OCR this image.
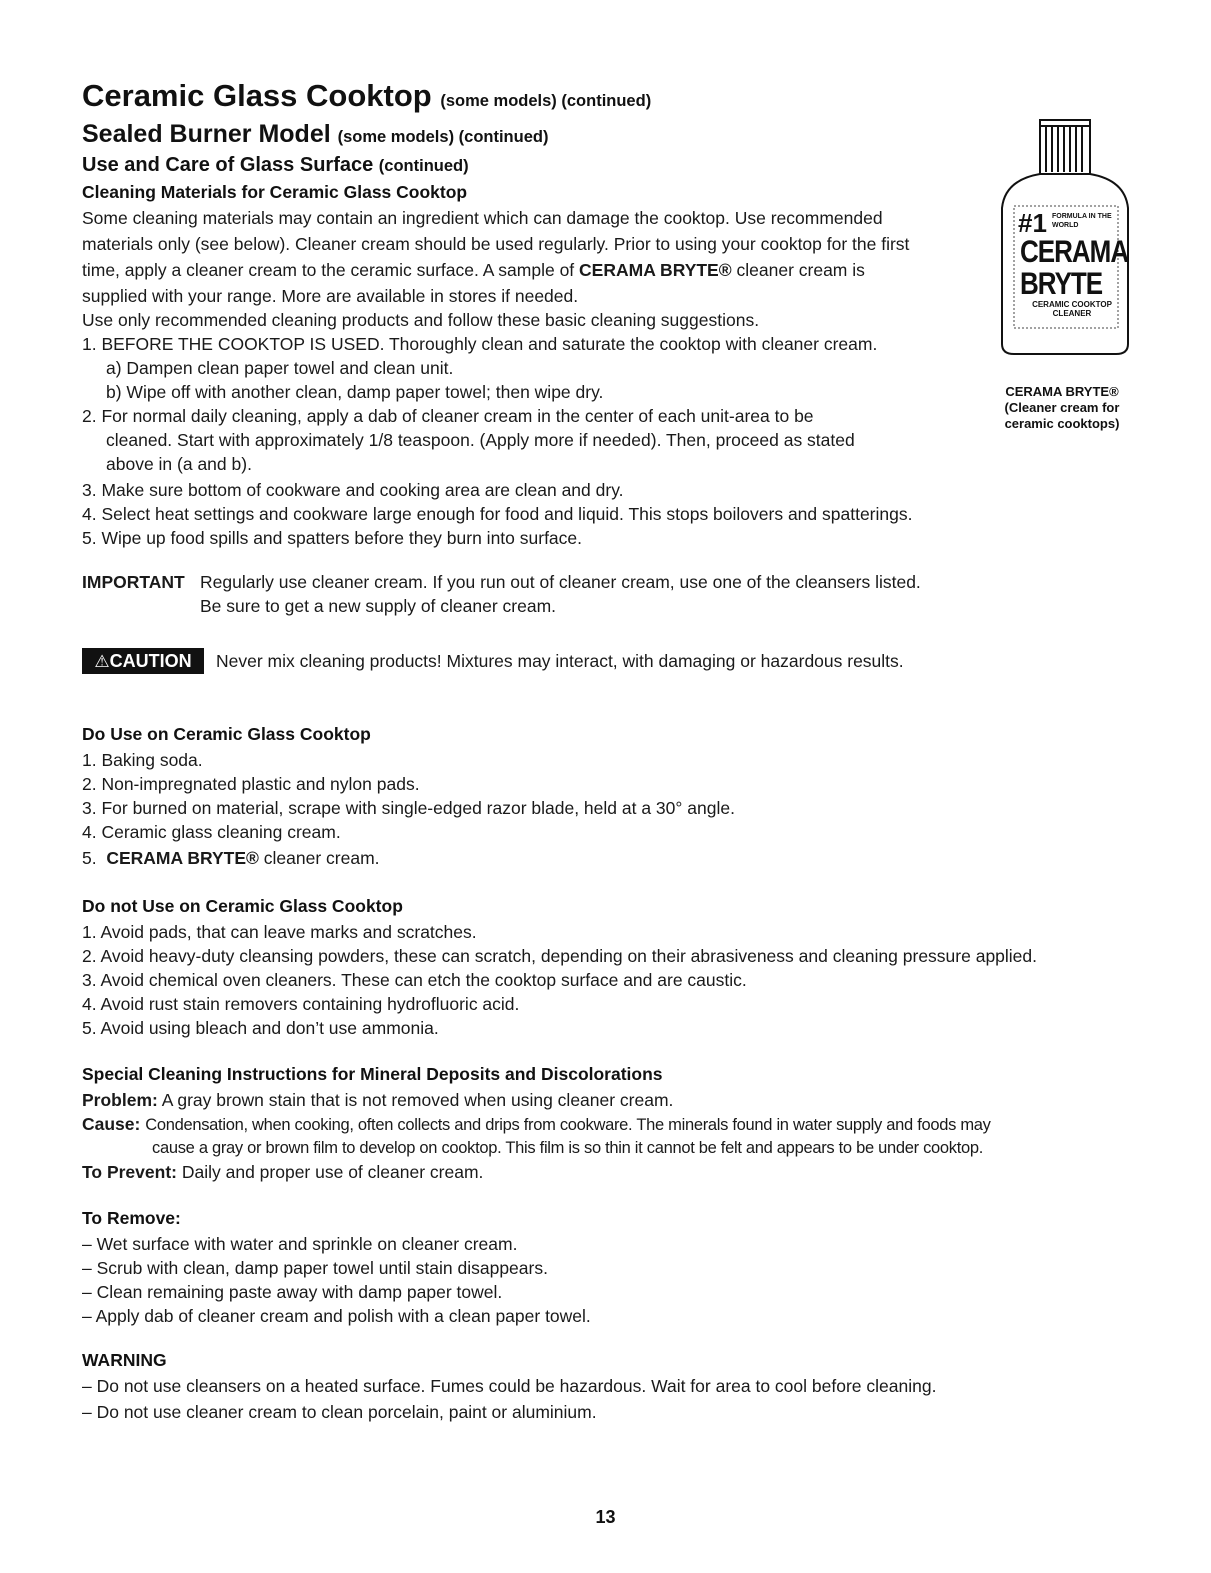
Ceramic Glass Cooktop (some models) (continued)
Sealed Burner Model (some models) (continued)
Use and Care of Glass Surface (continued)
Cleaning Materials for Ceramic Glass Cooktop
Some cleaning materials may contain an ingredient which can damage the cooktop. Use recommended
materials only (see below). Cleaner cream should be used regularly. Prior to using your cooktop for the first
time, apply a cleaner cream to the ceramic surface. A sample of CERAMA BRYTE® cleaner cream is
supplied with your range. More are available in stores if needed.
Use only recommended cleaning products and follow these basic cleaning suggestions.
1. BEFORE THE COOKTOP IS USED. Thoroughly clean and saturate the cooktop with cleaner cream.
a) Dampen clean paper towel and clean unit.
b) Wipe off with another clean, damp paper towel; then wipe dry.
2. For normal daily cleaning, apply a dab of cleaner cream in the center of each unit-area to be
cleaned. Start with approximately 1/8 teaspoon. (Apply more if needed). Then, proceed as stated
above in (a and b).
3. Make sure bottom of cookware and cooking area are clean and dry.
4. Select heat settings and cookware large enough for food and liquid. This stops boilovers and spatterings.
5. Wipe up food spills and spatters before they burn into surface.
#1 FORMULA IN THE WORLD
CERAMA
BRYTE
CERAMIC COOKTOP CLEANER
CERAMA BRYTE®
(Cleaner cream for
ceramic cooktops)
IMPORTANT Regularly use cleaner cream. If you run out of cleaner cream, use one of the cleansers listed.
Be sure to get a new supply of cleaner cream.
⚠CAUTION	Never mix cleaning products! Mixtures may interact, with damaging or hazardous results.
Do Use on Ceramic Glass Cooktop
1. Baking soda.
2. Non-impregnated plastic and nylon pads.
3. For burned on material, scrape with single-edged razor blade, held at a 30° angle.
4. Ceramic glass cleaning cream.
5. CERAMA BRYTE® cleaner cream.
Do not Use on Ceramic Glass Cooktop
1. Avoid pads, that can leave marks and scratches.
2. Avoid heavy-duty cleansing powders, these can scratch, depending on their abrasiveness and cleaning pressure applied.
3. Avoid chemical oven cleaners. These can etch the cooktop surface and are caustic.
4. Avoid rust stain removers containing hydrofluoric acid.
5. Avoid using bleach and don’t use ammonia.
Special Cleaning Instructions for Mineral Deposits and Discolorations
Problem: A gray brown stain that is not removed when using cleaner cream.
Cause: Condensation, when cooking, often collects and drips from cookware. The minerals found in water supply and foods may
cause a gray or brown film to develop on cooktop. This film is so thin it cannot be felt and appears to be under cooktop.
To Prevent: Daily and proper use of cleaner cream.
To Remove:
– Wet surface with water and sprinkle on cleaner cream.
– Scrub with clean, damp paper towel until stain disappears.
– Clean remaining paste away with damp paper towel.
– Apply dab of cleaner cream and polish with a clean paper towel.
WARNING
– Do not use cleansers on a heated surface. Fumes could be hazardous. Wait for area to cool before cleaning.
– Do not use cleaner cream to clean porcelain, paint or aluminium.
13
